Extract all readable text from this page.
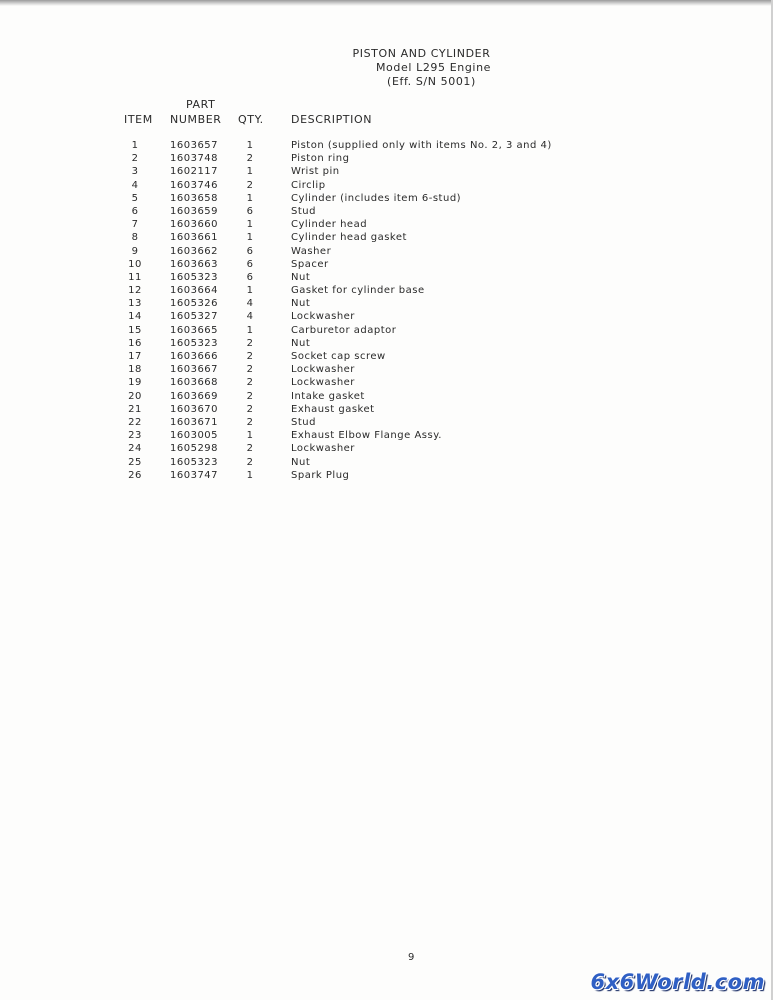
PISTON AND CYLINDER
Model L295 Engine
(Eff. S/N 5001)
PART
ITEM NUMBER QTY. DESCRIPTION
1	1603657	1	Piston (supplied only with items No. 2, 3 and 4)
2	1603748	2	Piston ring
3	1602117	1	Wrist pin
4	1603746	2	Circlip
5	1603658	1	Cylinder (includes item 6-stud)
6	1603659	6	Stud
7	1603660	1	Cylinder head
8	1603661	1	Cylinder head gasket
9	1603662	6	Washer
10	1603663	6	Spacer
11	1605323	6	Nut
12	1603664	1	Gasket for cylinder base
13	1605326	4	Nut
14	1605327	4	Lockwasher
15	1603665	1	Carburetor adaptor
16	1605323	2	Nut
17	1603666	2	Socket cap screw
18	1603667	2	Lockwasher
19	1603668	2	Lockwasher
20	1603669	2	Intake gasket
21	1603670	2	Exhaust gasket
22	1603671	2	Stud
23	1603005	1	Exhaust Elbow Flange Assy.
24	1605298	2	Lockwasher
25	1605323	2	Nut
26	1603747	1	Spark Plug
9
6x6World.com
